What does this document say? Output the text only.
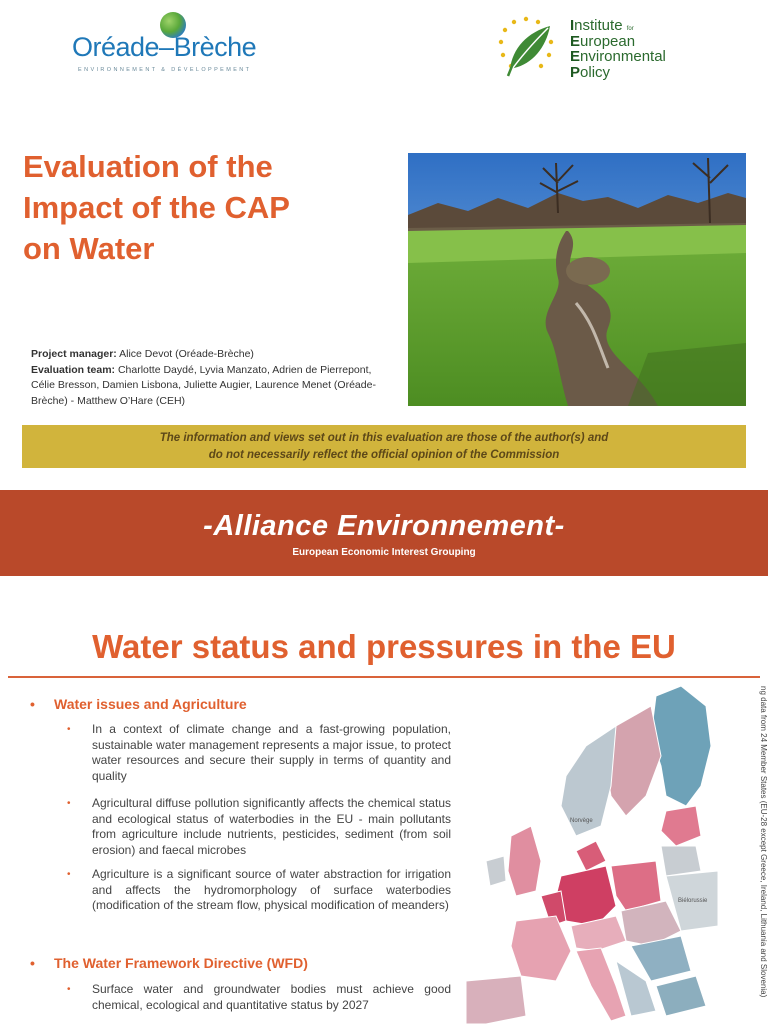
Oréade–Brèche
ENVIRONNEMENT & DÉVELOPPEMENT
Institute $^{for}$
European
Environmental
Policy
Evaluation of the
Impact of the CAP
on Water
Project manager: Alice Devot (Oréade-Brèche)
Evaluation team: Charlotte Daydé, Lyvia Manzato, Adrien de Pierrepont, Célie Bresson, Damien Lisbona, Juliette Augier, Laurence Menet (Oréade-Brèche) - Matthew O’Hare (CEH)
The information and views set out in this evaluation are those of the author(s) and
do not necessarily reflect the official opinion of the Commission
-Alliance Environnement-
European Economic Interest Grouping
Water status and pressures in the EU
• Water issues and Agriculture
•	In a context of climate change and a fast-growing population, sustainable water management represents a major issue, to protect water resources and secure their supply in terms of quantity and quality
•	Agricultural diffuse pollution significantly affects the chemical status and ecological status of waterbodies in the EU - main pollutants from agriculture include nutrients, pesticides, sediment (from soil erosion) and faecal microbes
•	Agriculture is a significant source of water abstraction for irrigation and affects the hydromorphology of surface waterbodies (modification of the stream flow, physical modification of meanders)
• The Water Framework Directive (WFD)
•	Surface water and groundwater bodies must achieve good chemical, ecological and quantitative status by 2027
Norvège
Biélorussie	ng data from 24 Member States (EU-28 except Greece, Ireland, Lithuania and Slovenia)
